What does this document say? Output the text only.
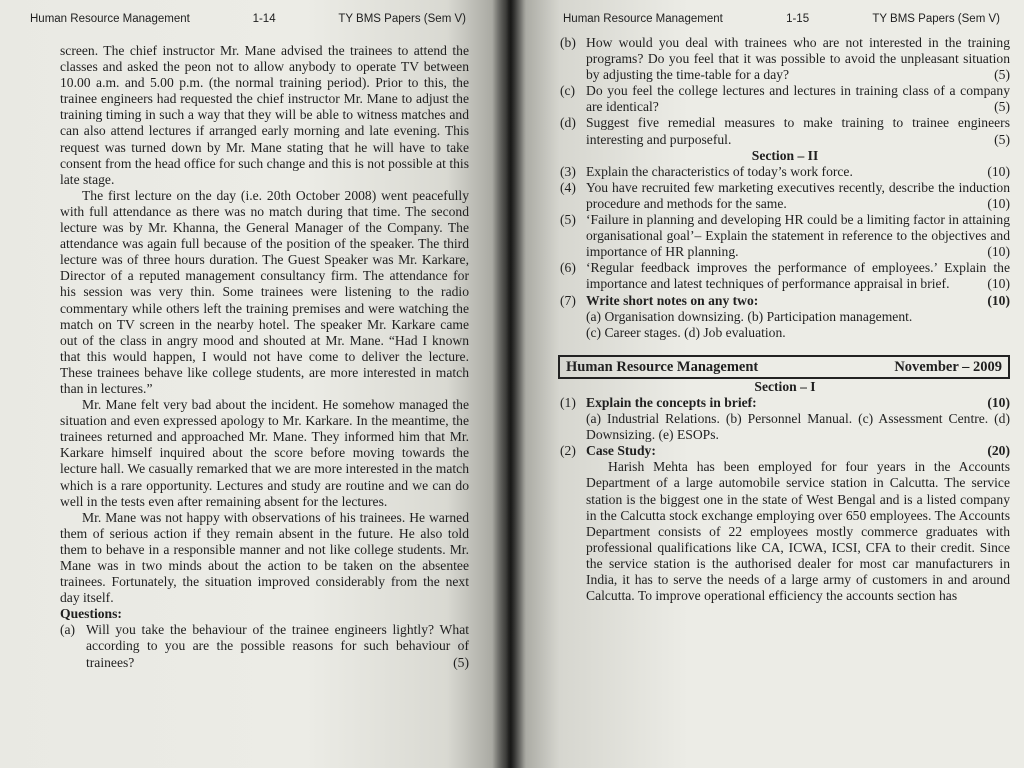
Human Resource Management	1-14	TY BMS Papers (Sem V)

screen. The chief instructor Mr. Mane advised the trainees to attend the classes and asked the peon not to allow anybody to operate TV between 10.00 a.m. and 5.00 p.m. (the normal training period). Prior to this, the trainee engineers had requested the chief instructor Mr. Mane to adjust the training timing in such a way that they will be able to witness matches and can also attend lectures if arranged early morning and late evening. This request was turned down by Mr. Mane stating that he will have to take consent from the head office for such change and this is not possible at this late stage.

The first lecture on the day (i.e. 20th October 2008) went peacefully with full attendance as there was no match during that time. The second lecture was by Mr. Khanna, the General Manager of the Company. The attendance was again full because of the position of the speaker. The third lecture was of three hours duration. The Guest Speaker was Mr. Karkare, Director of a reputed management consultancy firm. The attendance for his session was very thin. Some trainees were listening to the radio commentary while others left the training premises and were watching the match on TV screen in the nearby hotel. The speaker Mr. Karkare came out of the class in angry mood and shouted at Mr. Mane. “Had I known that this would happen, I would not have come to deliver the lecture. These trainees behave like college students, are more interested in match than in lectures.”

Mr. Mane felt very bad about the incident. He somehow managed the situation and even expressed apology to Mr. Karkare. In the meantime, the trainees returned and approached Mr. Mane. They informed him that Mr. Karkare himself inquired about the score before moving towards the lecture hall. We casually remarked that we are more interested in the match which is a rare opportunity. Lectures and study are routine and we can do well in the tests even after remaining absent for the lectures.

Mr. Mane was not happy with observations of his trainees. He warned them of serious action if they remain absent in the future. He also told them to behave in a responsible manner and not like college students. Mr. Mane was in two minds about the action to be taken on the absentee trainees. Fortunately, the situation improved considerably from the next day itself.

Questions:

(a) Will you take the behaviour of the trainee engineers lightly? What according to you are the possible reasons for such behaviour of trainees?	(5)
Human Resource Management	1-15	TY BMS Papers (Sem V)
(b) How would you deal with trainees who are not interested in the training programs? Do you feel that it was possible to avoid the unpleasant situation by adjusting the time-table for a day?	(5)
(c) Do you feel the college lectures and lectures in training class of a company are identical?	(5)
(d) Suggest five remedial measures to make training to trainee engineers interesting and purposeful.	(5)

Section – II

(3) Explain the characteristics of today’s work force.	(10)
(4) You have recruited few marketing executives recently, describe the induction procedure and methods for the same.	(10)
(5) ‘Failure in planning and developing HR could be a limiting factor in attaining organisational goal’– Explain the statement in reference to the objectives and importance of HR planning.	(10)
(6) ‘Regular feedback improves the performance of employees.’ Explain the importance and latest techniques of performance appraisal in brief.	(10)
(7) Write short notes on any two:	(10)

(a) Organisation downsizing. (b) Participation management.

(c) Career stages. (d) Job evaluation.

Human Resource Management	November – 2009

Section – I

(1) Explain the concepts in brief:	(10)

(a) Industrial Relations. (b) Personnel Manual. (c) Assessment Centre. (d) Downsizing. (e) ESOPs.

(2) Case Study:	(20)

Harish Mehta has been employed for four years in the Accounts Department of a large automobile service station in Calcutta. The service station is the biggest one in the state of West Bengal and is a listed company in the Calcutta stock exchange employing over 650 employees. The Accounts Department consists of 22 employees mostly commerce graduates with professional qualifications like CA, ICWA, ICSI, CFA to their credit. Since the service station is the authorised dealer for most car manufacturers in India, it has to serve the needs of a large army of customers in and around Calcutta. To improve operational efficiency the accounts section has
